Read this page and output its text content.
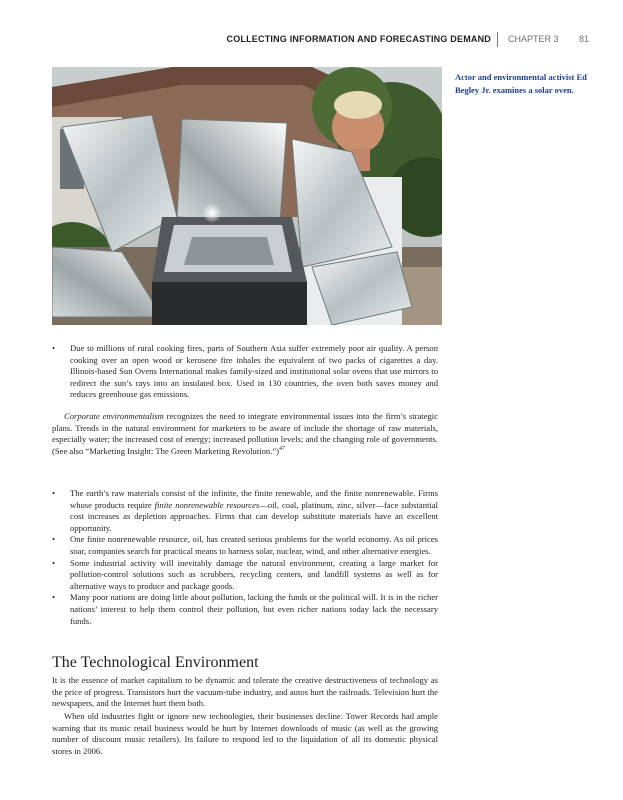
COLLECTING INFORMATION AND FORECASTING DEMAND CHAPTER 3 81
Actor and environmental activist Ed Begley Jr. examines a solar oven.
• Due to millions of rural cooking fires, parts of Southern Asia suffer extremely poor air quality. A person cooking over an open wood or kerosene fire inhales the equivalent of two packs of cigarettes a day. Illinois-based Sun Ovens International makes family-sized and institutional solar ovens that use mirrors to redirect the sun’s rays into an insulated box. Used in 130 countries, the oven both saves money and reduces greenhouse gas emissions.
Corporate environmentalism recognizes the need to integrate environmental issues into the firm’s strategic plans. Trends in the natural environment for marketers to be aware of include the shortage of raw materials, especially water; the increased cost of energy; increased pollution levels; and the changing role of governments. (See also “Marketing Insight: The Green Marketing Revolution.”)$^{47}$
• The earth’s raw materials consist of the infinite, the finite renewable, and the finite nonrenewable. Firms whose products require finite nonrenewable resources—oil, coal, platinum, zinc, silver—face substantial cost increases as depletion approaches. Firms that can develop substitute materials have an excellent opportunity.
• One finite nonrenewable resource, oil, has created serious problems for the world economy. As oil prices soar, companies search for practical means to harness solar, nuclear, wind, and other alternative energies.
• Some industrial activity will inevitably damage the natural environment, creating a large market for pollution-control solutions such as scrubbers, recycling centers, and landfill systems as well as for alternative ways to produce and package goods.
• Many poor nations are doing little about pollution, lacking the funds or the political will. It is in the richer nations’ interest to help them control their pollution, but even richer nations today lack the necessary funds.
The Technological Environment
It is the essence of market capitalism to be dynamic and tolerate the creative destructiveness of technology as the price of progress. Transistors hurt the vacuum-tube industry, and autos hurt the railroads. Television hurt the newspapers, and the Internet hurt them both.
When old industries fight or ignore new technologies, their businesses decline. Tower Records had ample warning that its music retail business would be hurt by Internet downloads of music (as well as the growing number of discount music retailers). Its failure to respond led to the liquidation of all its domestic physical stores in 2006.
